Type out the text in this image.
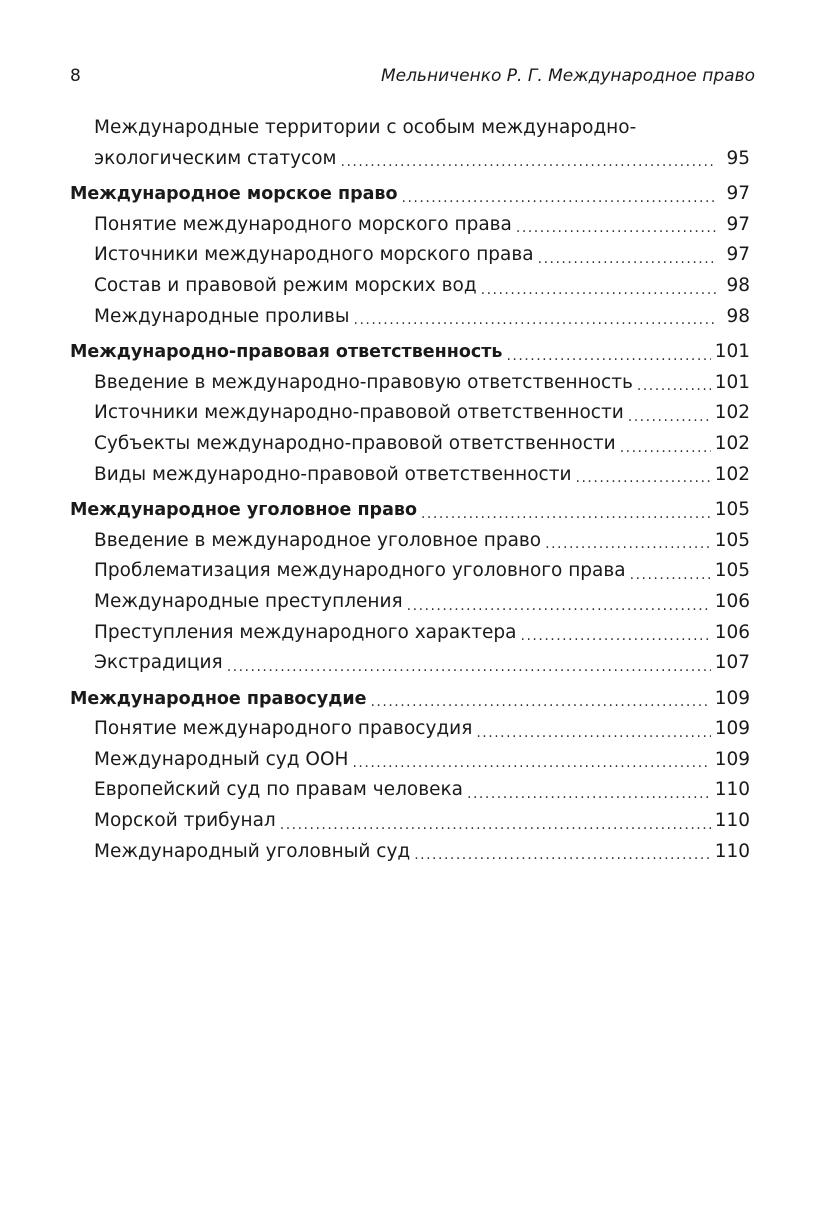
8	Мельниченко Р. Г. Международное право
Международные территории с особым международно-
экологическим статусом .....	95
Международное морское право .....	97
Понятие международного морского права .....	97
Источники международного морского права .....	97
Состав и правовой режим морских вод .....	98
Международные проливы .....	98
Международно-правовая ответственность .....	101
Введение в международно-правовую ответственность .....	101
Источники международно-правовой ответственности .....	102
Субъекты международно-правовой ответственности .....	102
Виды международно-правовой ответственности .....	102
Международное уголовное право .....	105
Введение в международное уголовное право .....	105
Проблематизация международного уголовного права .....	105
Международные преступления .....	106
Преступления международного характера .....	106
Экстрадиция .....	107
Международное правосудие .....	109
Понятие международного правосудия .....	109
Международный суд ООН .....	109
Европейский суд по правам человека .....	110
Морской трибунал .....	110
Международный уголовный суд .....	110
